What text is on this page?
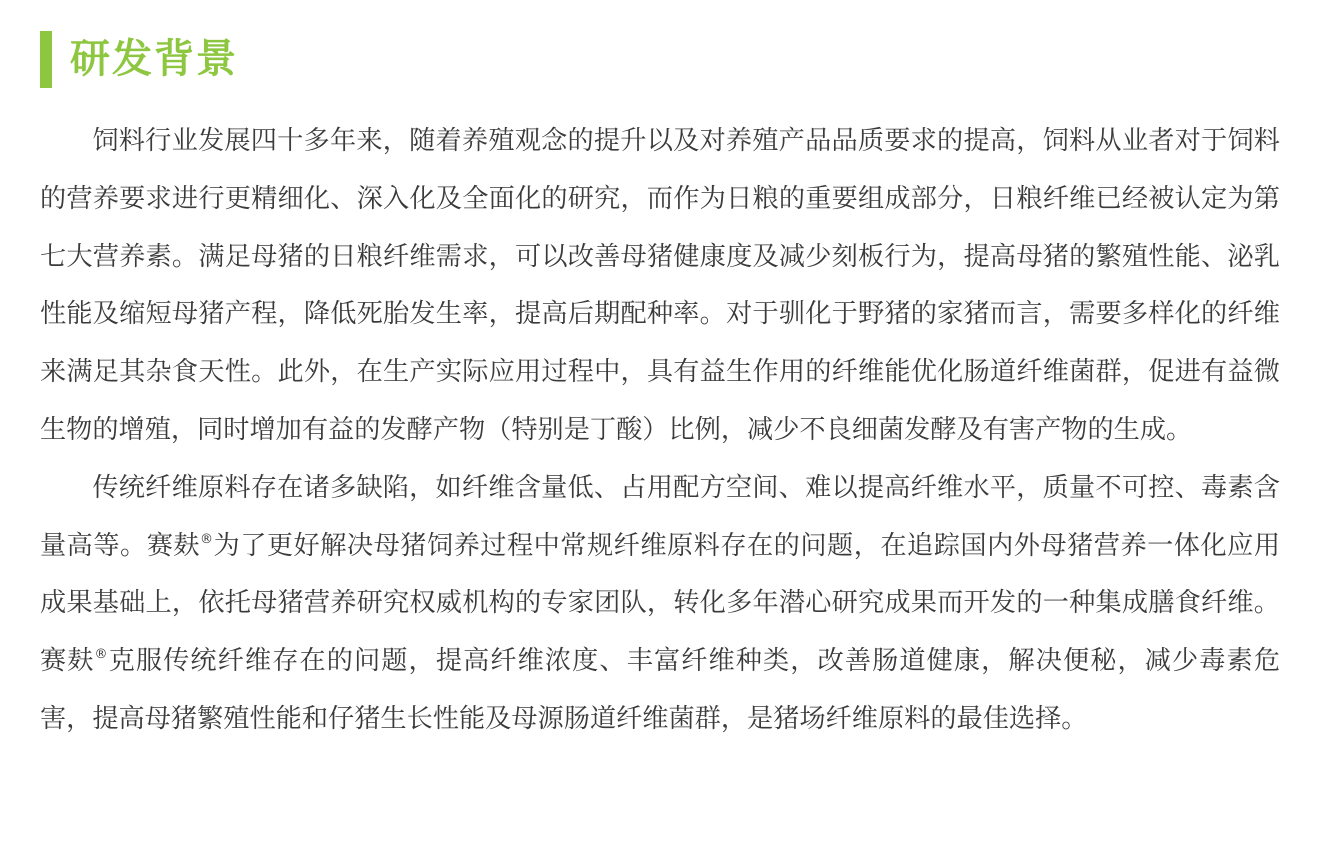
研发背景

饲料行业发展四十多年来，随着养殖观念的提升以及对养殖产品品质要求的提高，饲料从业者对于饲料的营养要求进行更精细化、深入化及全面化的研究，而作为日粮的重要组成部分，日粮纤维已经被认定为第七大营养素。满足母猪的日粮纤维需求，可以改善母猪健康度及减少刻板行为，提高母猪的繁殖性能、泌乳性能及缩短母猪产程，降低死胎发生率，提高后期配种率。对于驯化于野猪的家猪而言，需要多样化的纤维来满足其杂食天性。此外，在生产实际应用过程中，具有益生作用的纤维能优化肠道纤维菌群，促进有益微生物的增殖，同时增加有益的发酵产物（特别是丁酸）比例，减少不良细菌发酵及有害产物的生成。

传统纤维原料存在诸多缺陷，如纤维含量低、占用配方空间、难以提高纤维水平，质量不可控、毒素含量高等。赛麸®为了更好解决母猪饲养过程中常规纤维原料存在的问题，在追踪国内外母猪营养一体化应用成果基础上，依托母猪营养研究权威机构的专家团队，转化多年潜心研究成果而开发的一种集成膳食纤维。赛麸®克服传统纤维存在的问题，提高纤维浓度、丰富纤维种类，改善肠道健康，解决便秘，减少毒素危害，提高母猪繁殖性能和仔猪生长性能及母源肠道纤维菌群，是猪场纤维原料的最佳选择。
